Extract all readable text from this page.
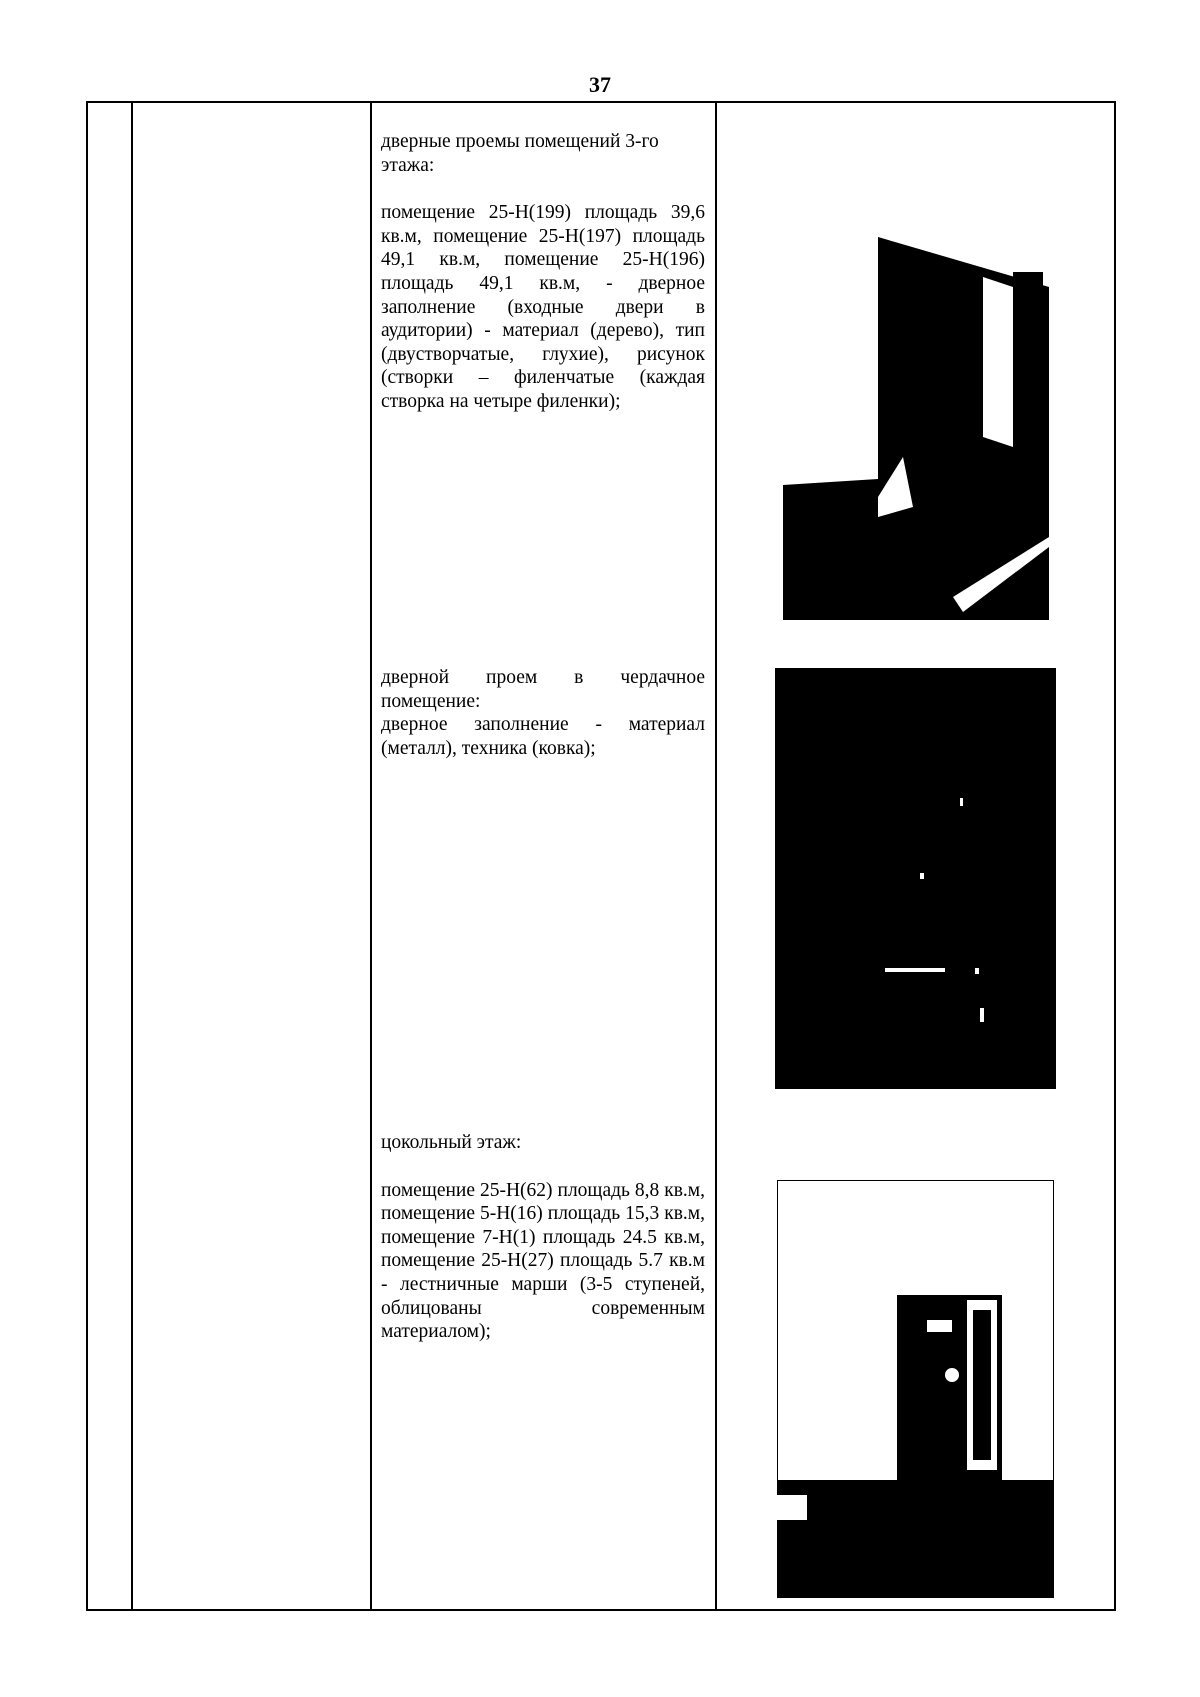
37

дверные проемы помещений 3-го этажа:

помещение 25-Н(199) площадь 39,6 кв.м, помещение 25-Н(197) площадь 49,1 кв.м, помещение 25-Н(196) площадь 49,1 кв.м, - дверное заполнение (входные двери в аудитории) - материал (дерево), тип (двустворчатые, глухие), рисунок (створки – филенчатые (каждая створка на четыре филенки);

дверной проем в чердачное помещение:

дверное заполнение - материал (металл), техника (ковка);

цокольный этаж:

помещение 25-Н(62) площадь 8,8 кв.м, помещение 5-Н(16) площадь 15,3 кв.м, помещение 7-Н(1) площадь 24.5 кв.м, помещение 25-Н(27) площадь 5.7 кв.м - лестничные марши (3-5 ступеней, облицованы современным материалом);
